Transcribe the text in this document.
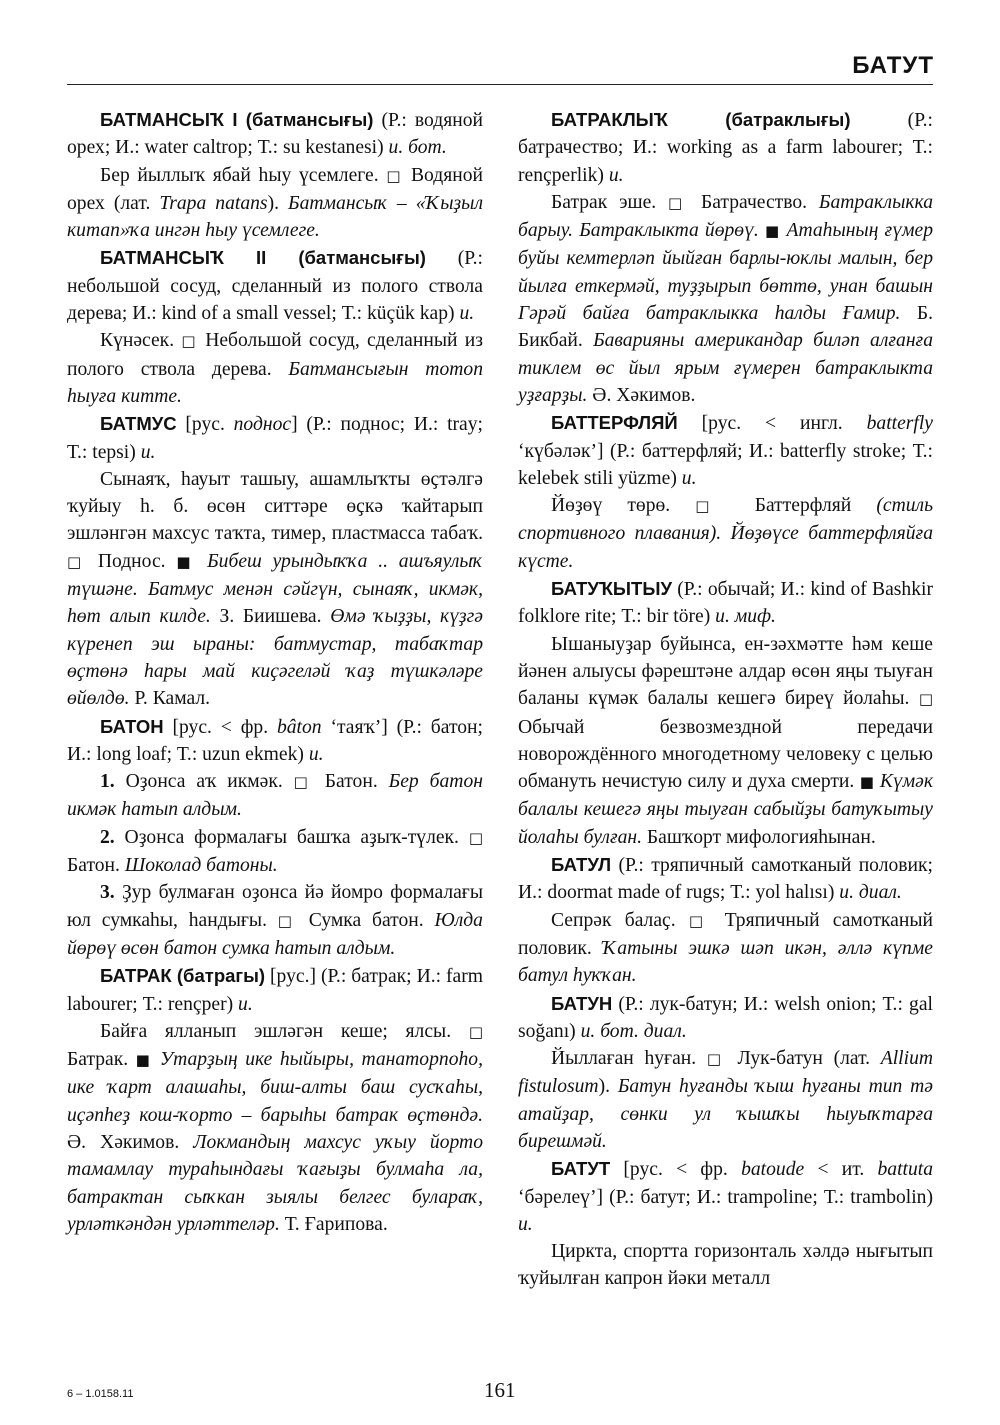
БАТУТ

БАТМАНСЫҠ I (батмансығы) (Р.: водяной орех; И.: water caltrop; Т.: su kestanesi) и. бот.

Бер йыллыҡ ябай һыу үсемлеге. □ Водяной орех (лат. Trapa natans). Батмансыҡ – «Ҡыҙыл китап»ҡа ингән һыу үсемлеге.

БАТМАНСЫҠ II (батмансығы) (Р.: небольшой сосуд, сделанный из полого ствола дерева; И.: kind of a small vessel; Т.: küçük kap) и.

Күнәсек. □ Небольшой сосуд, сделанный из полого ствола дерева. Батмансығын тотоп һыуға китте.

БАТМУС [рус. поднос] (Р.: поднос; И.: tray; Т.: tepsi) и.

Сынаяҡ, һауыт ташыу, ашамлыҡты өҫтәлгә ҡуйыу һ. б. өсөн ситтәре өҫкә ҡайтарып эшләнгән махсус таҡта, тимер, пластмасса табаҡ. □ Поднос. ■ Бибеш урындыҡҡа .. ашъяулыҡ түшәне. Батмус менән сәйгүн, сынаяҡ, икмәк, һөт алып килде. З. Биишева. Өмә ҡыҙҙы, күҙгә күренеп эш ыраны: батмустар, табаҡтар өҫтөнә һары май киҫәгеләй ҡаҙ түшкәләре өйөлдө. Р. Камал.

БАТОН [рус. < фр. bâton ‘таяҡ’] (Р.: батон; И.: long loaf; Т.: uzun ekmek) и.

1. Оҙонса аҡ икмәк. □ Батон. Бер батон икмәк һатып алдым.

2. Оҙонса формалағы башҡа аҙыҡ-түлек. □ Батон. Шоколад батоны.

3. Ҙур булмаған оҙонса йә йомро формалағы юл сумкаһы, һандығы. □ Сумка батон. Юлда йөрөү өсөн батон сумка һатып алдым.

БАТРАК (батрагы) [рус.] (Р.: батрак; И.: farm labourer; Т.: rençper) и.

Байға ялланып эшләгән кеше; ялсы. □ Батрак. ■ Утарҙың ике һыйыры, танаторпоһо, ике ҡарт алашаһы, биш-алты баш сусҡаһы, иҫәпһеҙ кош-ҡорто – барыһы батрак өҫтөндә. Ә. Хәкимов. Локмандың махсус уҡыу йорто тамамлау тураһындағы ҡағыҙы булмаһа ла, батрактан сыҡкан зыялы белгес булараҡ, урләткәндән урләттеләр. Т. Ғарипова.

БАТРАКЛЫҠ (батраклығы) (Р.: батрачество; И.: working as a farm labourer; Т.: rençperlik) и.

Батрак эше. □ Батрачество. Батраклыкка барыу. Батраклыкта йөрөү. ■ Атаһының ғүмер буйы кемтерләп йыйған барлы-юклы малын, бер йылға еткермәй, туҙҙырып бөттө, унан башын Гәрәй байға батраклыкка һалды Ғамир. Б. Бикбай. Баварияны американдар биләп алғанға тиклем өс йыл ярым ғүмерен батраклыкта уҙғарҙы. Ә. Хәкимов.

БАТТЕРФЛЯЙ [рус. < ингл. batterfly ‘күбәләк’] (Р.: баттерфляй; И.: batterfly stroke; Т.: kelebek stili yüzme) и.

Йөҙөү төрө. □ Баттерфляй (стиль спортивного плавания). Йөҙөүсе баттерфляйға күсте.

БАТУҠЫТЫУ (Р.: обычай; И.: kind of Bashkir folklore rite; Т.: bir töre) и. миф.

Ышаныуҙар буйынса, ен-зәхмәтте һәм кеше йәнен алыусы фәрештәне алдар өсөн яңы тыуған баланы күмәк балалы кешегә биреү йолаһы. □ Обычай безвозмездной передачи новорождённого многодетному человеку с целью обмануть нечистую силу и духа смерти. ■ Күмәк балалы кешегә яңы тыуған сабыйҙы батуҡытыу йолаһы булған. Башҡорт мифологияһынан.

БАТУЛ (Р.: тряпичный самотканый половик; И.: doormat made of rugs; Т.: yol halısı) и. диал.

Сепрәк балаҫ. □ Тряпичный самотканый половик. Ҡатыны эшкә шәп икән, әллә күпме батул һуҡҡан.

БАТУН (Р.: лук-батун; И.: welsh onion; Т.: gal soğanı) и. бот. диал.

Йыллаған һуған. □ Лук-батун (лат. Allium fistulosum). Батун һуғанды ҡыш һуғаны тип тә атайҙар, сөнки ул ҡышҡы һыуыҡтарға бирешмәй.

БАТУТ [рус. < фр. batoude < ит. battuta ‘бәрелеү’] (Р.: батут; И.: trampoline; Т.: trambolin) и.

Циркта, спортта горизонталь хәлдә нығытып ҡуйылған капрон йәки металл

6 – 1.0158.11	161
